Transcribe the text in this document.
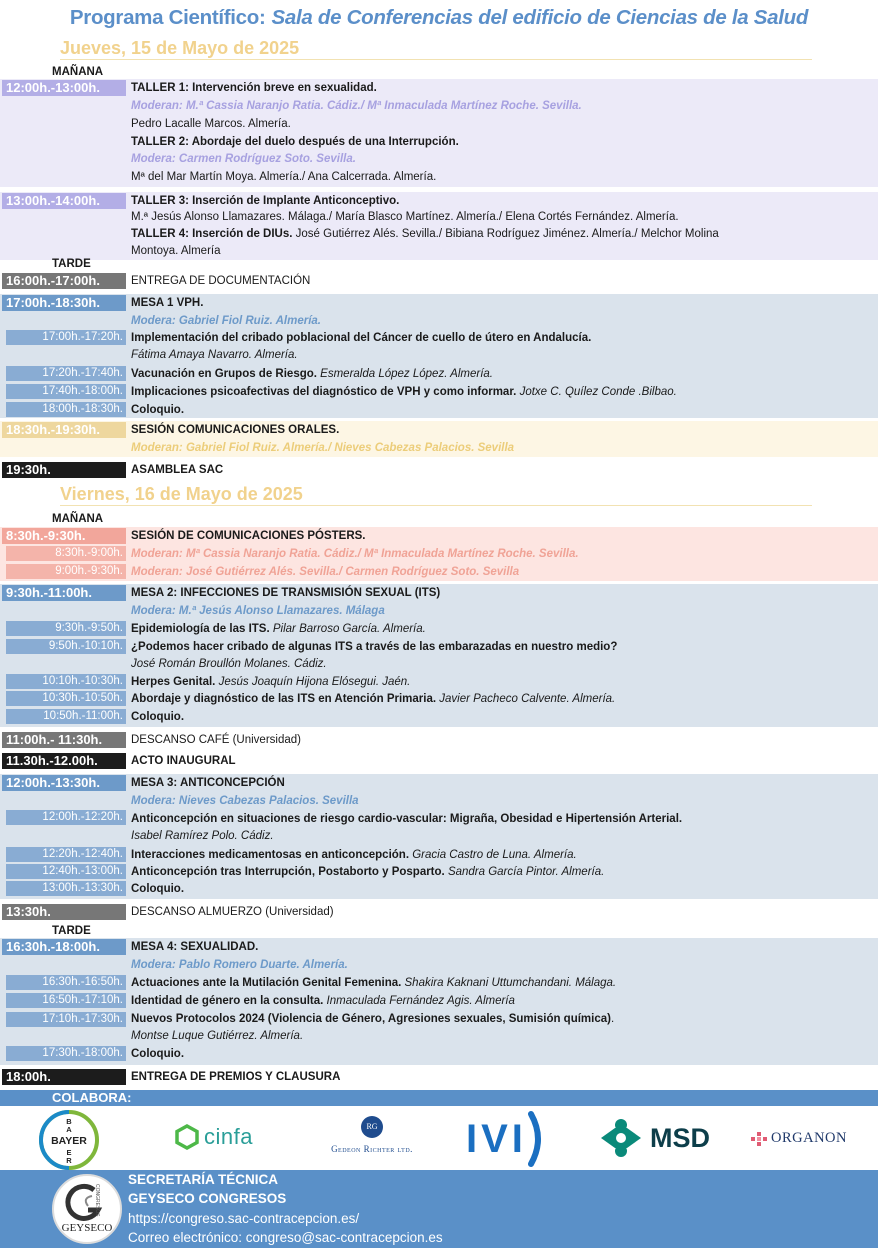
Programa Científico: Sala de Conferencias del edificio de Ciencias de la Salud
Jueves, 15 de Mayo de 2025
MAÑANA
12:00h.-13:00h.	TALLER 1: Intervención breve en sexualidad.
Moderan: M.ª Cassia Naranjo Ratia. Cádiz./ Mª Inmaculada Martínez Roche. Sevilla.
Pedro Lacalle Marcos. Almería.
TALLER 2: Abordaje del duelo después de una Interrupción.
Modera: Carmen Rodríguez Soto. Sevilla.
Mª del Mar Martín Moya. Almería./ Ana Calcerrada. Almería.
13:00h.-14:00h.	TALLER 3: Inserción de Implante Anticonceptivo.
M.ª Jesús Alonso Llamazares. Málaga./ María Blasco Martínez. Almería./ Elena Cortés Fernández. Almería.
TALLER 4: Inserción de DIUs. José Gutiérrez Alés. Sevilla./ Bibiana Rodríguez Jiménez. Almería./ Melchor Molina
Montoya. Almería
TARDE
16:00h.-17:00h.	ENTREGA DE DOCUMENTACIÓN
17:00h.-18:30h.	MESA 1 VPH.
Modera: Gabriel Fiol Ruiz. Almería.
17:00h.-17:20h. Implementación del cribado poblacional del Cáncer de cuello de útero en Andalucía.
Fátima Amaya Navarro. Almería.
17:20h.-17:40h. Vacunación en Grupos de Riesgo. Esmeralda López López. Almería.
17:40h.-18:00h. Implicaciones psicoafectivas del diagnóstico de VPH y como informar. Jotxe C. Quílez Conde .Bilbao.
18:00h.-18:30h. Coloquio.
18:30h.-19:30h.	SESIÓN COMUNICACIONES ORALES.
Moderan: Gabriel Fiol Ruiz. Almería./ Nieves Cabezas Palacios. Sevilla
19:30h.	ASAMBLEA SAC
Viernes, 16 de Mayo de 2025
MAÑANA
8:30h.-9:30h.	SESIÓN DE COMUNICACIONES PÓSTERS.
8:30h.-9:00h. Moderan: Mª Cassia Naranjo Ratia. Cádiz./ Mª Inmaculada Martínez Roche. Sevilla.
9:00h.-9:30h. Moderan: José Gutiérrez Alés. Sevilla./ Carmen Rodríguez Soto. Sevilla
9:30h.-11:00h.	MESA 2: INFECCIONES DE TRANSMISIÓN SEXUAL (ITS)
Modera: M.ª Jesús Alonso Llamazares. Málaga
9:30h.-9:50h. Epidemiología de las ITS. Pilar Barroso García. Almería.
9:50h.-10:10h. ¿Podemos hacer cribado de algunas ITS a través de las embarazadas en nuestro medio?
José Román Broullón Molanes. Cádiz.
10:10h.-10:30h. Herpes Genital. Jesús Joaquín Hijona Elósegui. Jaén.
10:30h.-10:50h. Abordaje y diagnóstico de las ITS en Atención Primaria. Javier Pacheco Calvente. Almería.
10:50h.-11:00h. Coloquio.
11:00h.- 11:30h.	DESCANSO CAFÉ (Universidad)
11.30h.-12.00h.	ACTO INAUGURAL
12:00h.-13:30h.	MESA 3: ANTICONCEPCIÓN
Modera: Nieves Cabezas Palacios. Sevilla
12:00h.-12:20h. Anticoncepción en situaciones de riesgo cardio-vascular: Migraña, Obesidad e Hipertensión Arterial.
Isabel Ramírez Polo. Cádiz.
12:20h.-12:40h. Interacciones medicamentosas en anticoncepción. Gracia Castro de Luna. Almería.
12:40h.-13:00h. Anticoncepción tras Interrupción, Postaborto y Posparto. Sandra García Pintor. Almería.
13:00h.-13:30h. Coloquio.
13:30h.	DESCANSO ALMUERZO (Universidad)
TARDE
16:30h.-18:00h.	MESA 4: SEXUALIDAD.
Modera: Pablo Romero Duarte. Almería.
16:30h.-16:50h. Actuaciones ante la Mutilación Genital Femenina. Shakira Kaknani Uttumchandani. Málaga.
16:50h.-17:10h. Identidad de género en la consulta. Inmaculada Fernández Agis. Almería
17:10h.-17:30h. Nuevos Protocolos 2024 (Violencia de Género, Agresiones sexuales, Sumisión química).
Montse Luque Gutiérrez. Almería.
17:30h.-18:00h. Coloquio.
18:00h.	ENTREGA DE PREMIOS Y CLAUSURA
COLABORA:
BAYER
B
A
E
R
cinfa	RG
Gedeon Richter ltd.	IVI	MSD	ORGANON
GEYSECO
CONGRESOS
SECRETARÍA TÉCNICA
GEYSECO CONGRESOS
https://congreso.sac-contracepcion.es/
Correo electrónico: congreso@sac-contracepcion.es
